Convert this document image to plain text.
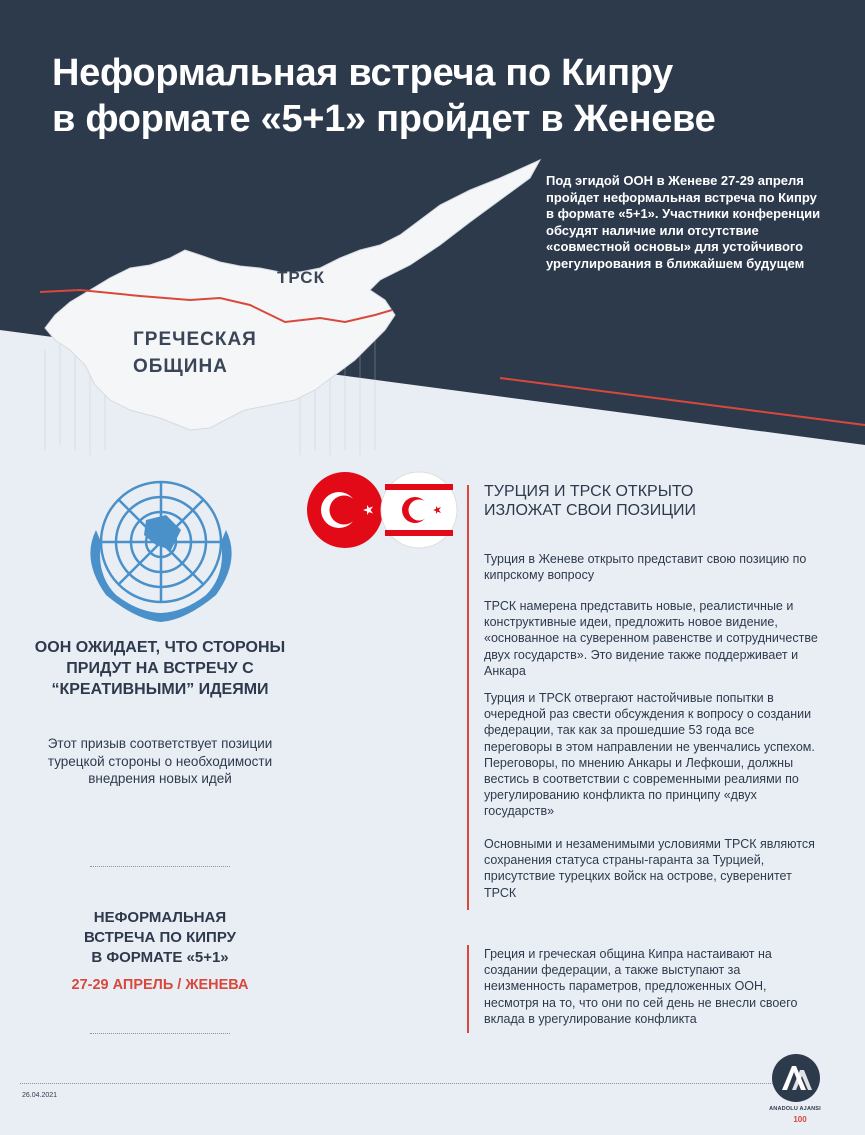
Неформальная встреча по Кипру
в формате «5+1» пройдет в Женеве
Под эгидой ООН в Женеве 27-29 апреля пройдет неформальная встреча по Кипру в формате «5+1». Участники конференции обсудят наличие или отсутствие «совместной основы» для устойчивого урегулирования в ближайшем будущем
ТРСК
ГРЕЧЕСКАЯ
ОБЩИНА
ООН ОЖИДАЕТ, ЧТО СТОРОНЫ
ПРИДУТ НА ВСТРЕЧУ С
“КРЕАТИВНЫМИ” ИДЕЯМИ
Этот призыв соответствует позиции турецкой стороны о необходимости внедрения новых идей
НЕФОРМАЛЬНАЯ
ВСТРЕЧА ПО КИПРУ
В ФОРМАТЕ «5+1»
27-29 АПРЕЛЬ / ЖЕНЕВА
ТУРЦИЯ И ТРСК ОТКРЫТО
ИЗЛОЖАТ СВОИ ПОЗИЦИИ
Турция в Женеве открыто представит свою позицию по кипрскому вопросу
ТРСК намерена представить новые, реалистичные и конструктивные идеи, предложить новое видение, «основанное на суверенном равенстве и сотрудничестве двух государств». Это видение также поддерживает и Анкара
Турция и ТРСК отвергают настойчивые попытки в очередной раз свести обсуждения к вопросу о создании федерации, так как за прошедшие 53 года все переговоры в этом направлении не увенчались успехом. Переговоры, по мнению Анкары и Лефкоши, должны вестись в соответствии с современными реалиями по урегулированию конфликта по принципу «двух государств»
Основными и незаменимыми условиями ТРСК являются сохранения статуса страны-гаранта за Турцией, присутствие турецких войск на острове, суверенитет ТРСК
Греция и греческая община Кипра настаивают на создании федерации, а также выступают за неизменность параметров, предложенных ООН, несмотря на то, что они по сей день не внесли своего вклада в урегулирование конфликта
26.04.2021
ANADOLU AJANSI
100
